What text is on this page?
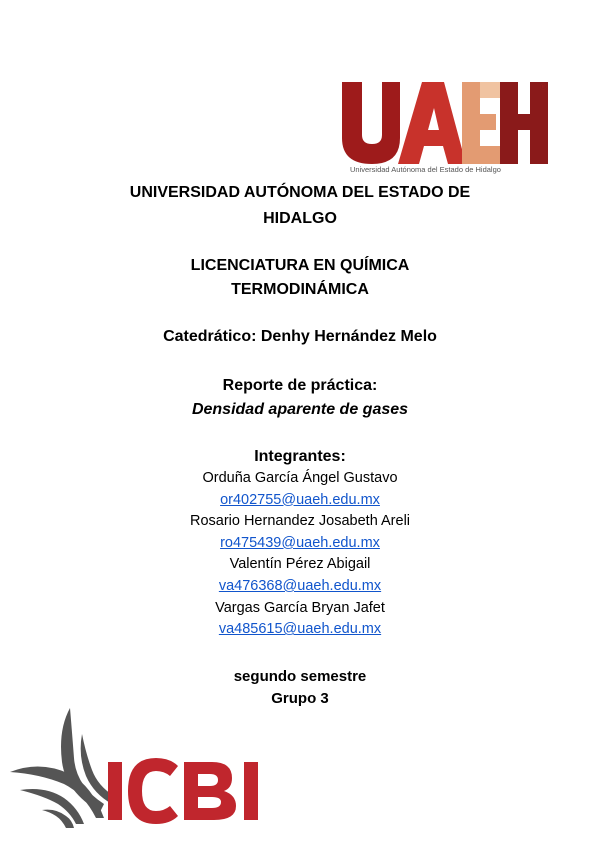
®
Universidad Autónoma del Estado de Hidalgo
UNIVERSIDAD AUTÓNOMA DEL ESTADO DE
HIDALGO
LICENCIATURA EN QUÍMICA
TERMODINÁMICA
Catedrático: Denhy Hernández Melo
Reporte de práctica:
Densidad aparente de gases
Integrantes:
Orduña García Ángel Gustavo
or402755@uaeh.edu.mx
Rosario Hernandez Josabeth Areli
ro475439@uaeh.edu.mx
Valentín Pérez Abigail
va476368@uaeh.edu.mx
Vargas García Bryan Jafet
va485615@uaeh.edu.mx
segundo semestre
Grupo 3
